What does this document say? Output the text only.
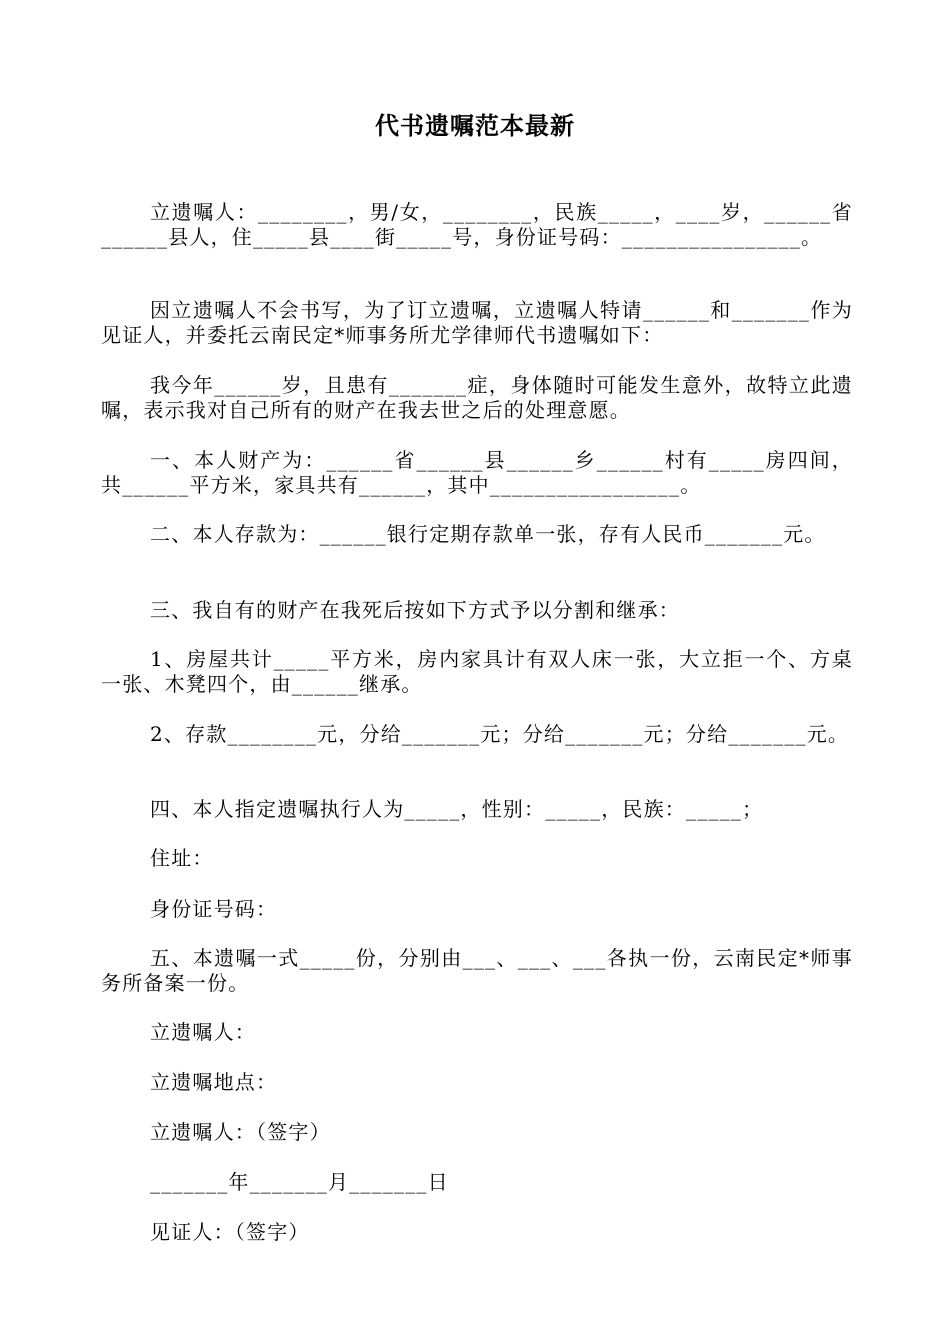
代书遗嘱范本最新
立遗嘱人：________，男/女，________，民族_____，____岁，______省______县人，住_____县____街_____号，身份证号码：________________。
因立遗嘱人不会书写，为了订立遗嘱，立遗嘱人特请______和_______作为见证人，并委托云南民定*师事务所尤学律师代书遗嘱如下：
我今年______岁，且患有_______症，身体随时可能发生意外，故特立此遗嘱，表示我对自己所有的财产在我去世之后的处理意愿。
一、本人财产为：______省______县______乡______村有_____房四间，共______平方米，家具共有______，其中_________________。
二、本人存款为：______银行定期存款单一张，存有人民币_______元。
三、我自有的财产在我死后按如下方式予以分割和继承：
1、房屋共计_____平方米，房内家具计有双人床一张，大立拒一个、方桌一张、木凳四个，由______继承。
2、存款________元，分给_______元；分给_______元；分给_______元。
四、本人指定遗嘱执行人为_____，性别：_____，民族：_____；
住址：
身份证号码：
五、本遗嘱一式_____份，分别由___、___、___各执一份，云南民定*师事务所备案一份。
立遗嘱人：
立遗嘱地点：
立遗嘱人：（签字）
_______年_______月_______日
见证人：（签字）
